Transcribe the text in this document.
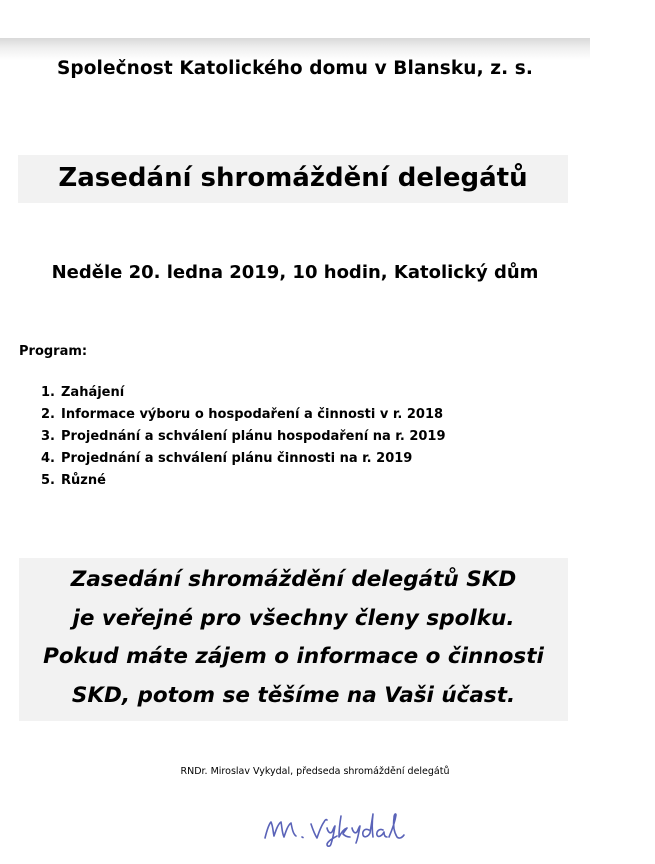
Společnost Katolického domu v Blansku, z. s.
Zasedání shromáždění delegátů
Neděle 20. ledna 2019, 10 hodin, Katolický dům
Program:
1. Zahájení
2. Informace výboru o hospodaření a činnosti v r. 2018
3. Projednání a schválení plánu hospodaření na r. 2019
4. Projednání a schválení plánu činnosti na r. 2019
5. Různé
Zasedání shromáždění delegátů SKD
je veřejné pro všechny členy spolku.
Pokud máte zájem o informace o činnosti
SKD, potom se těšíme na Vaši účast.
RNDr. Miroslav Vykydal, předseda shromáždění delegátů
